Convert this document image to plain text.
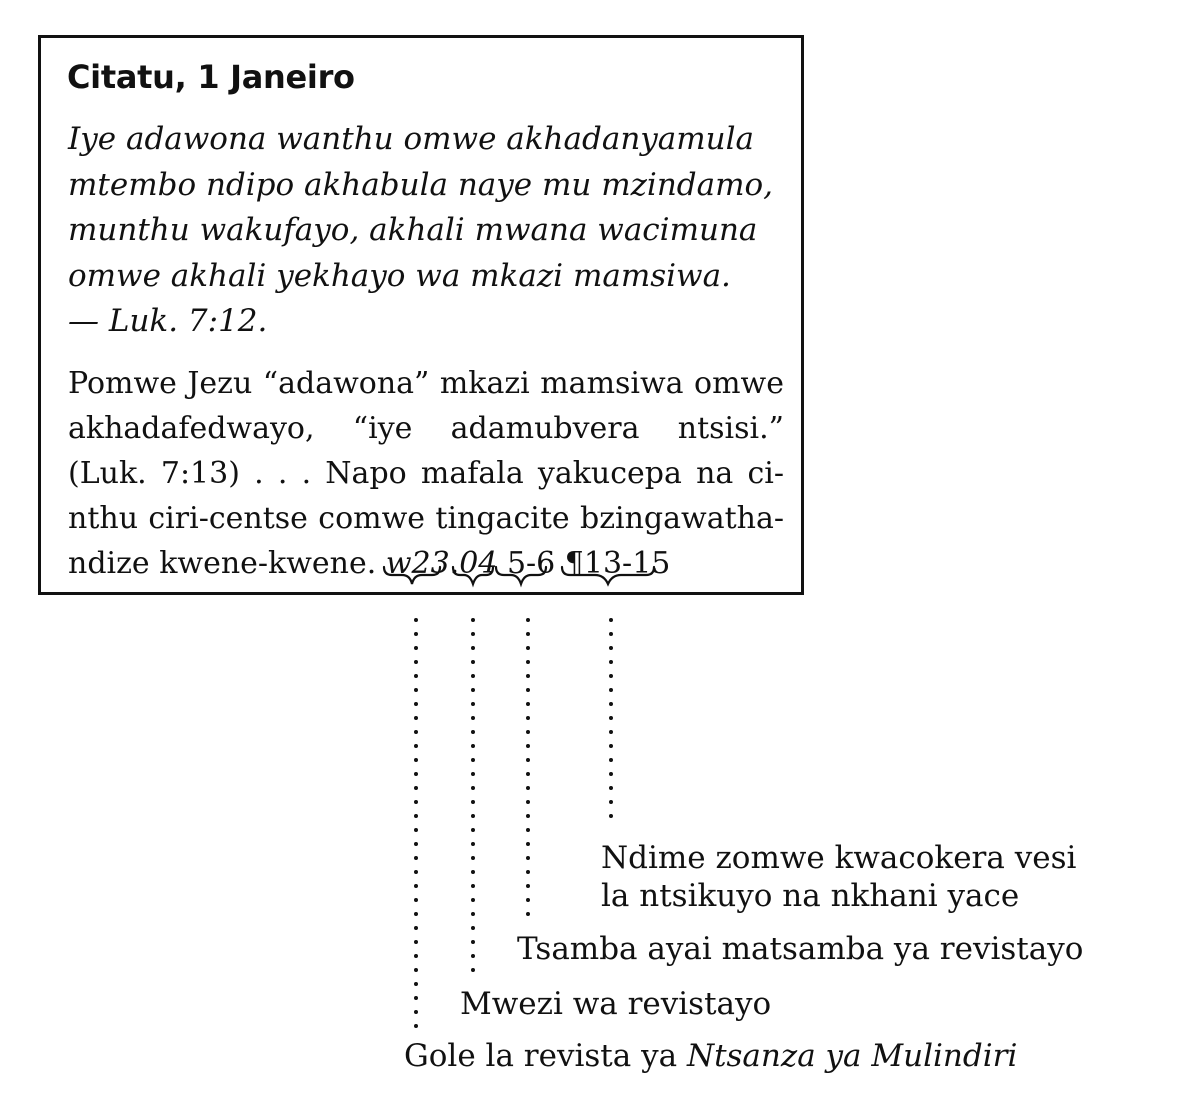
Citatu, 1 Janeiro
Iye adawona wanthu omwe akhadanyamula
mtembo ndipo akhabula naye mu mzindamo,
munthu wakufayo, akhali mwana wacimuna
omwe akhali yekhayo wa mkazi mamsiwa.
— Luk. 7:12.
Pomwe Jezu “adawona” mkazi mamsiwa omwe
akhadafedwayo, “iye adamubvera ntsisi.”
(Luk. 7:13) . . . Napo mafala yakucepa na ci-
nthu ciri-centse comwe tingacite bzingawatha-
ndize kwene-kwene. w23.04 5-6 ¶13-15
Ndime zomwe kwacokera vesi
la ntsikuyo na nkhani yace
Tsamba ayai matsamba ya revistayo
Mwezi wa revistayo
Gole la revista ya Ntsanza ya Mulindiri
